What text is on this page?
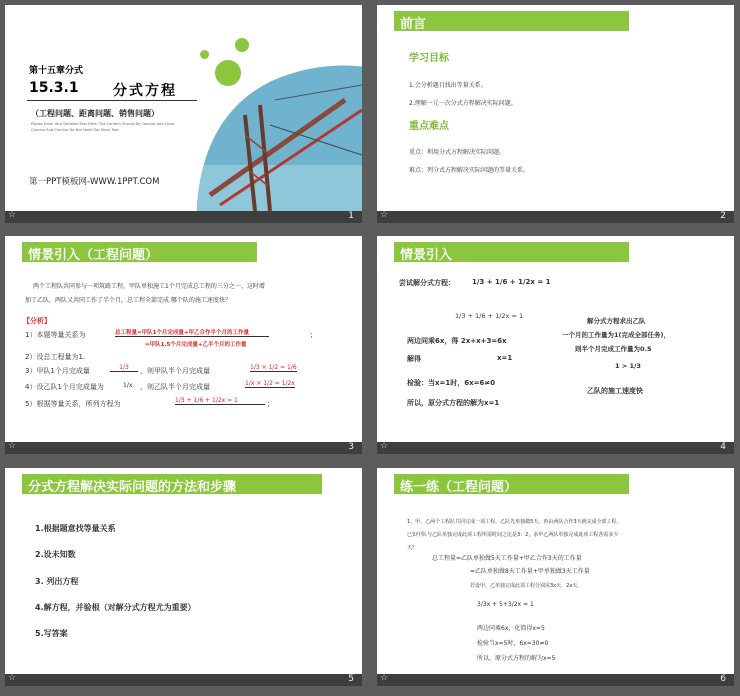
第十五章分式
15.3.1 分式方程
（工程问题、距离问题、销售问题）
Please Enter Your Detailed Text Here, The Content Should Be Concise And Clear,
Concise And Concise Do Not Need Too Much Text
第一PPT模板网-WWW.1PPT.COM
☆	1
前言
学习目标
1.会分析题目找出等量关系。
2.理解一元一次分式方程解决实际问题。
重点难点
重点：利用分式方程解决实际问题。
难点：列分式方程解决实际问题的等量关系。
☆	2
情景引入（工程问题）
两个工程队共同参与一项筑路工程，甲队单独施工1个月完成总工程的三分之一，这时增
加了乙队，两队又共同工作了半个月，总工程全部完成.哪个队的施工速度快？
【分析】
1）本题等量关系为	总工程量=甲队1个月完成量+甲乙合作半个月的工作量	；
=甲队1.5个月完成量+乙半个月的工作量
2）设总工程量为1.
3）甲队1个月完成量	1/3	，则甲队半个月完成量	1/3 × 1/2 = 1/6
4）设乙队1个月完成量为	1/x ，则乙队半个月完成量	1/x × 1/2 = 1/2x
5）根据等量关系，所列方程为	1/3 + 1/6 + 1/2x = 1	；
☆	3
情景引入
尝试解分式方程： 1/3 + 1/6 + 1/2x = 1
1/3 + 1/6 + 1/2x = 1
两边同乘6x，得 2x+x+3=6x
解得	x=1
检验：当x=1时，6x=6≠0
所以，原分式方程的解为x=1
解分式方程求出乙队
一个月的工作量为1(完成全部任务)，
则半个月完成工作量为0.5
1 > 1/3
乙队的施工速度快
☆	4
分式方程解决实际问题的方法和步骤
1.根据题意找等量关系
2.设未知数
3. 列出方程
4.解方程，并验根（对解分式方程尤为重要）
5.写答案
☆	5
练一练（工程问题）
1、甲、乙两个工程队共同完成一项工程，乙队先单独做5天，再由两队合作3天就完成全部工程，
已知甲队与乙队单独完成此项工程所需时间之比是3：2，求甲乙两队单独完成此项工程各需多少
天？
总工程量=乙队单独做5天工作量+甲乙合作3天的工作量
=乙队单独做8天工作量+甲单独做3天工作量
若设甲、乙单独完成此项工程分别需3x天、2x天，
3/3x + 5+3/2x = 1
两边同乘6x，化简得x=5
检验当x=5时，6x=30≠0
所以，原分式方程的解为x=5
☆	6
